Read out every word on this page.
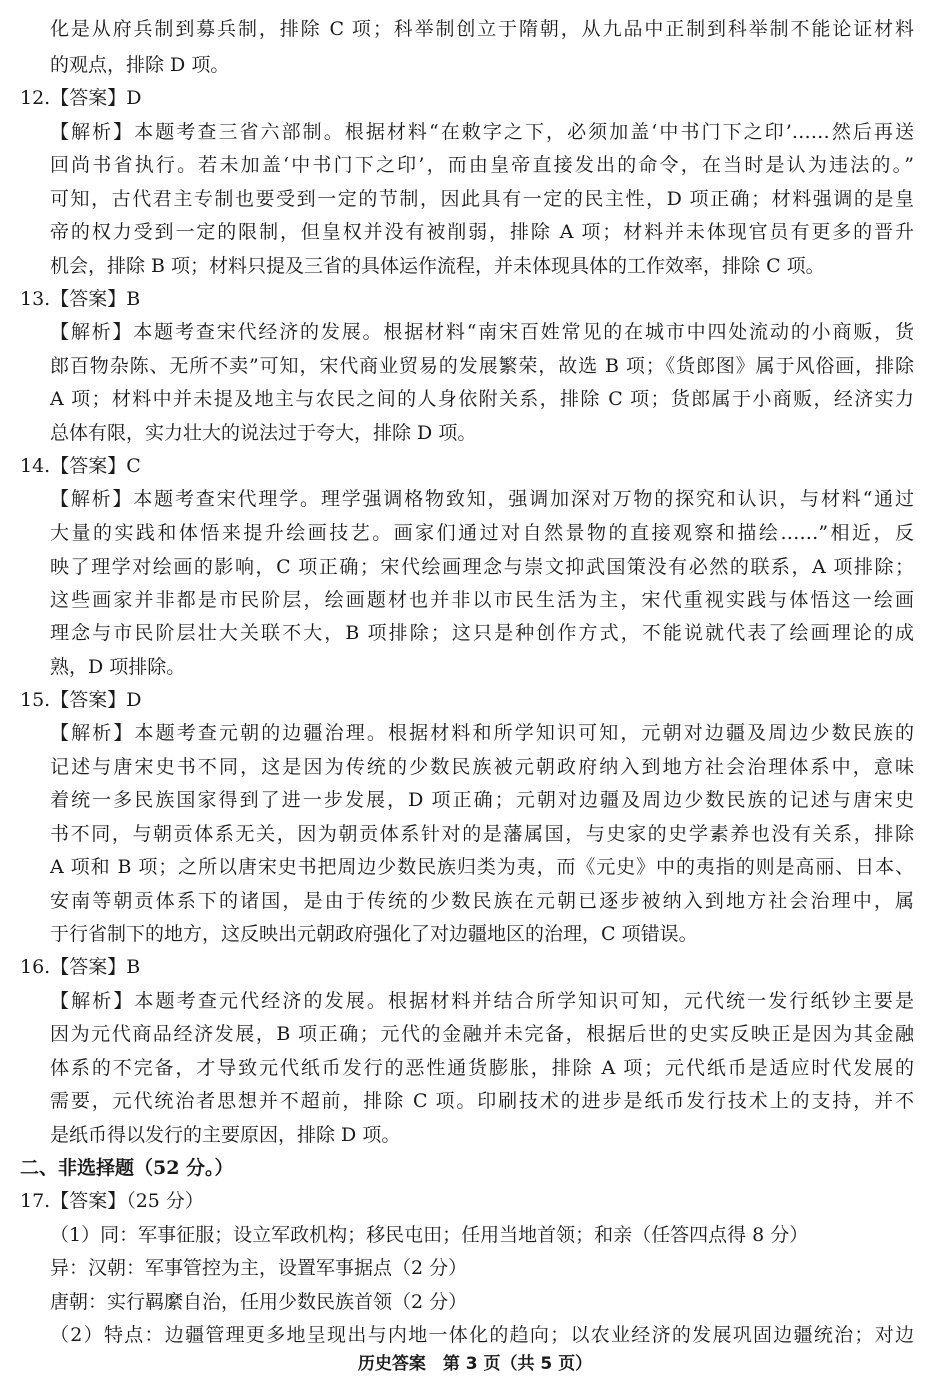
化是从府兵制到募兵制，排除 C 项；科举制创立于隋朝，从九品中正制到科举制不能论证材料
的观点，排除 D 项。
12.【答案】D
【解析】本题考查三省六部制。根据材料“在敕字之下，必须加盖‘中书门下之印’……然后再送
回尚书省执行。若未加盖‘中书门下之印’，而由皇帝直接发出的命令，在当时是认为违法的。”
可知，古代君主专制也要受到一定的节制，因此具有一定的民主性，D 项正确；材料强调的是皇
帝的权力受到一定的限制，但皇权并没有被削弱，排除 A 项；材料并未体现官员有更多的晋升
机会，排除 B 项；材料只提及三省的具体运作流程，并未体现具体的工作效率，排除 C 项。
13.【答案】B
【解析】本题考查宋代经济的发展。根据材料“南宋百姓常见的在城市中四处流动的小商贩，货
郎百物杂陈、无所不卖”可知，宋代商业贸易的发展繁荣，故选 B 项；《货郎图》属于风俗画，排除
A 项；材料中并未提及地主与农民之间的人身依附关系，排除 C 项；货郎属于小商贩，经济实力
总体有限，实力壮大的说法过于夸大，排除 D 项。
14.【答案】C
【解析】本题考查宋代理学。理学强调格物致知，强调加深对万物的探究和认识，与材料“通过
大量的实践和体悟来提升绘画技艺。画家们通过对自然景物的直接观察和描绘……”相近，反
映了理学对绘画的影响，C 项正确；宋代绘画理念与崇文抑武国策没有必然的联系，A 项排除；
这些画家并非都是市民阶层，绘画题材也并非以市民生活为主，宋代重视实践与体悟这一绘画
理念与市民阶层壮大关联不大，B 项排除；这只是种创作方式，不能说就代表了绘画理论的成
熟，D 项排除。
15.【答案】D
【解析】本题考查元朝的边疆治理。根据材料和所学知识可知，元朝对边疆及周边少数民族的
记述与唐宋史书不同，这是因为传统的少数民族被元朝政府纳入到地方社会治理体系中，意味
着统一多民族国家得到了进一步发展，D 项正确；元朝对边疆及周边少数民族的记述与唐宋史
书不同，与朝贡体系无关，因为朝贡体系针对的是藩属国，与史家的史学素养也没有关系，排除
A 项和 B 项；之所以唐宋史书把周边少数民族归类为夷，而《元史》中的夷指的则是高丽、日本、
安南等朝贡体系下的诸国，是由于传统的少数民族在元朝已逐步被纳入到地方社会治理中，属
于行省制下的地方，这反映出元朝政府强化了对边疆地区的治理，C 项错误。
16.【答案】B
【解析】本题考查元代经济的发展。根据材料并结合所学知识可知，元代统一发行纸钞主要是
因为元代商品经济发展，B 项正确；元代的金融并未完备，根据后世的史实反映正是因为其金融
体系的不完备，才导致元代纸币发行的恶性通货膨胀，排除 A 项；元代纸币是适应时代发展的
需要，元代统治者思想并不超前，排除 C 项。印刷技术的进步是纸币发行技术上的支持，并不
是纸币得以发行的主要原因，排除 D 项。
二、非选择题（52 分。）
17.【答案】（25 分）
（1）同：军事征服；设立军政机构；移民屯田；任用当地首领；和亲（任答四点得 8 分）
异：汉朝：军事管控为主，设置军事据点（2 分）
唐朝：实行羁縻自治，任用少数民族首领（2 分）
（2）特点：边疆管理更多地呈现出与内地一体化的趋向；以农业经济的发展巩固边疆统治；对边
历史答案　第 3 页（共 5 页）
